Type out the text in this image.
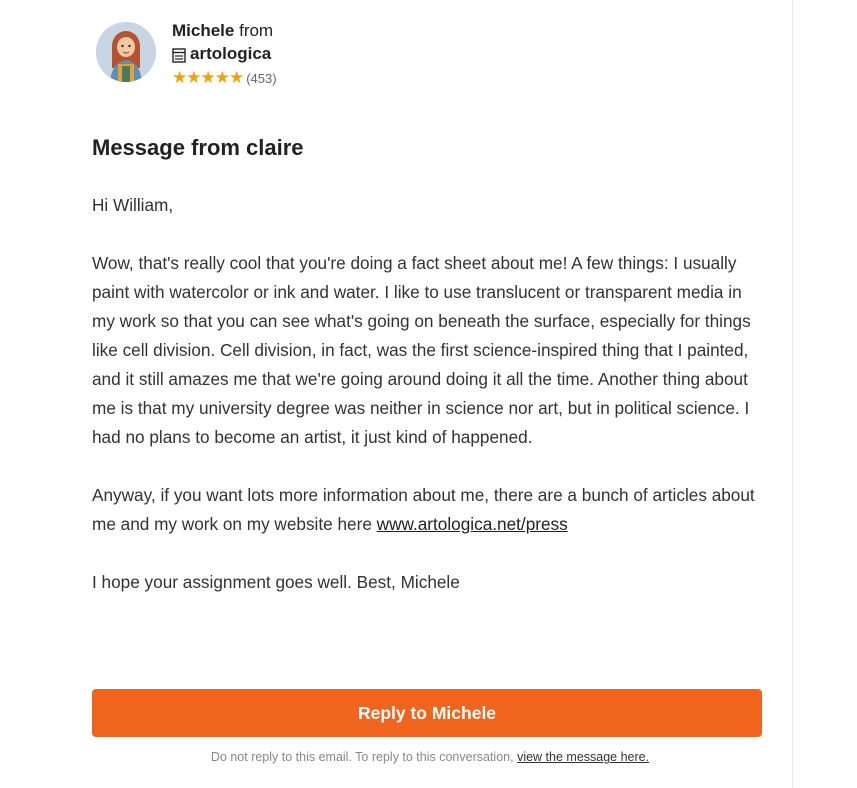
Michele from
artologica
★★★★★ (453)
Message from claire

Hi William,

Wow, that's really cool that you're doing a fact sheet about me! A few things: I usually paint with watercolor or ink and water. I like to use translucent or transparent media in my work so that you can see what's going on beneath the surface, especially for things like cell division. Cell division, in fact, was the first science-inspired thing that I painted, and it still amazes me that we're going around doing it all the time. Another thing about me is that my university degree was neither in science nor art, but in political science. I had no plans to become an artist, it just kind of happened.

Anyway, if you want lots more information about me, there are a bunch of articles about me and my work on my website here www.artologica.net/press

I hope your assignment goes well. Best, Michele

Reply to Michele
Do not reply to this email. To reply to this conversation, view the message here.
